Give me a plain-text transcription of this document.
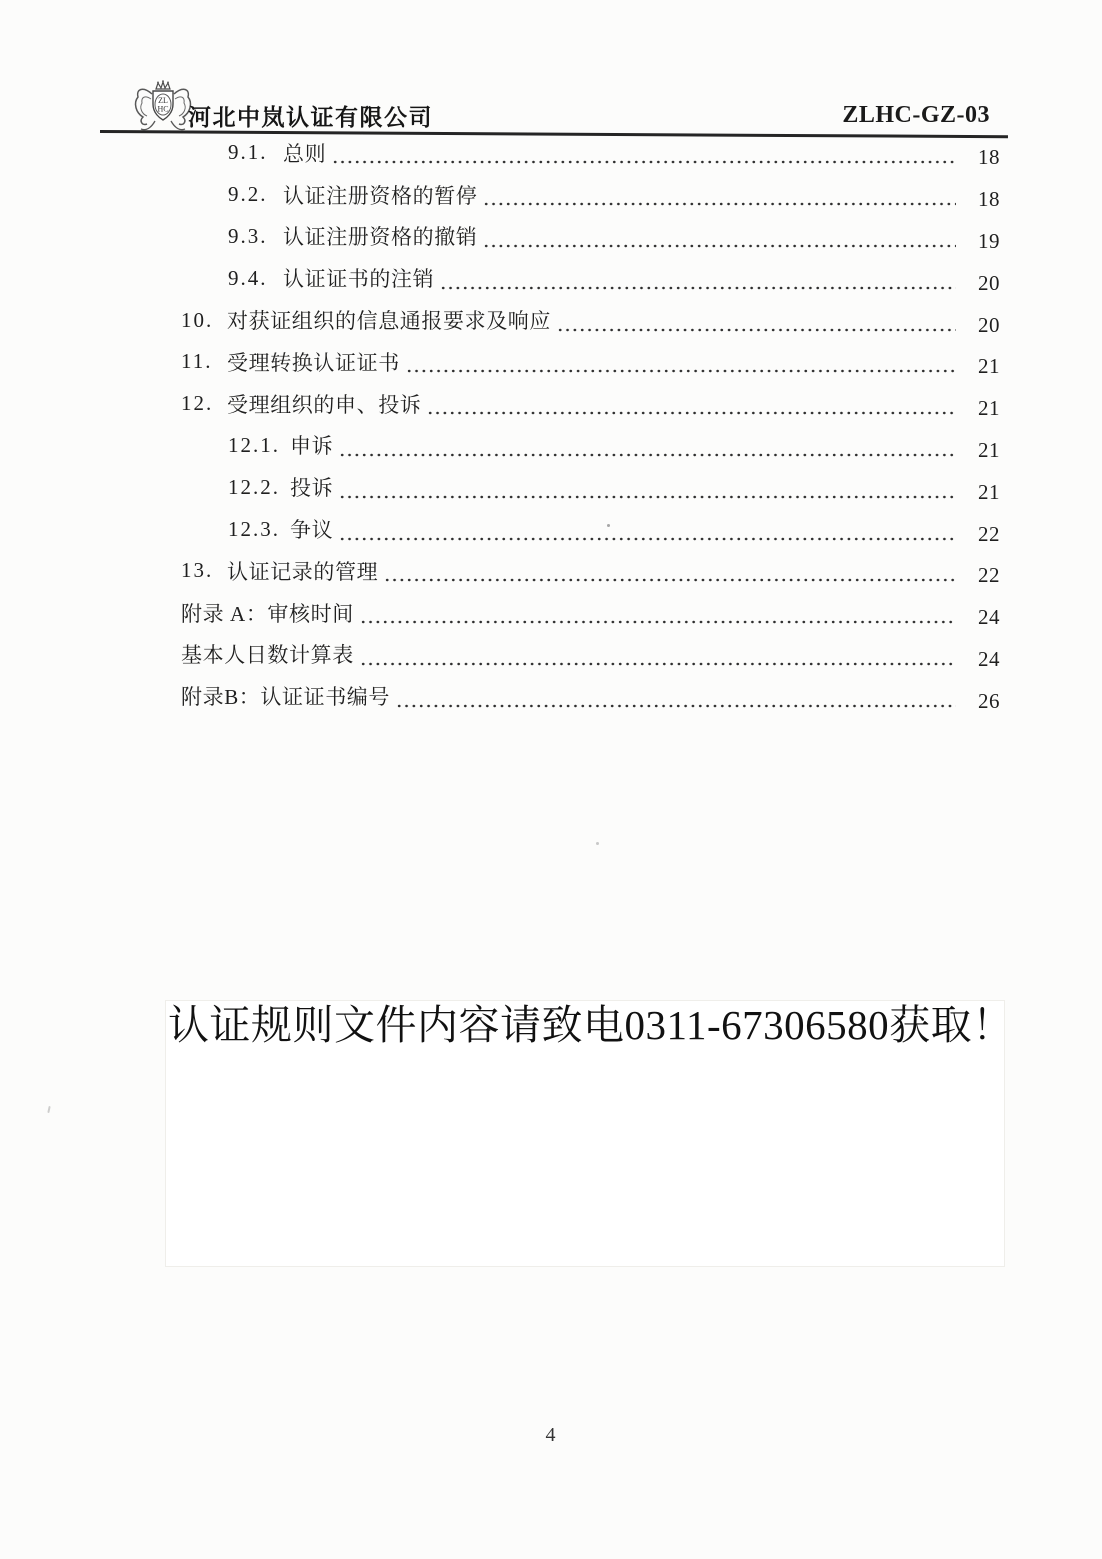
ZL
HC 河北中岚认证有限公司	ZLHC-GZ-03
9.1. 总则	18
9.2. 认证注册资格的暂停	18
9.3. 认证注册资格的撤销	19
9.4. 认证证书的注销	20
10. 对获证组织的信息通报要求及响应	20
11. 受理转换认证证书	21
12. 受理组织的申、投诉	21
12.1. 申诉	21
12.2. 投诉	21
12.3. 争议	22
13. 认证记录的管理	22
附录 A：审核时间	24
基本人日数计算表	24
附录B：认证证书编号	26
认证规则文件内容请致电0311-67306580获取！
4
